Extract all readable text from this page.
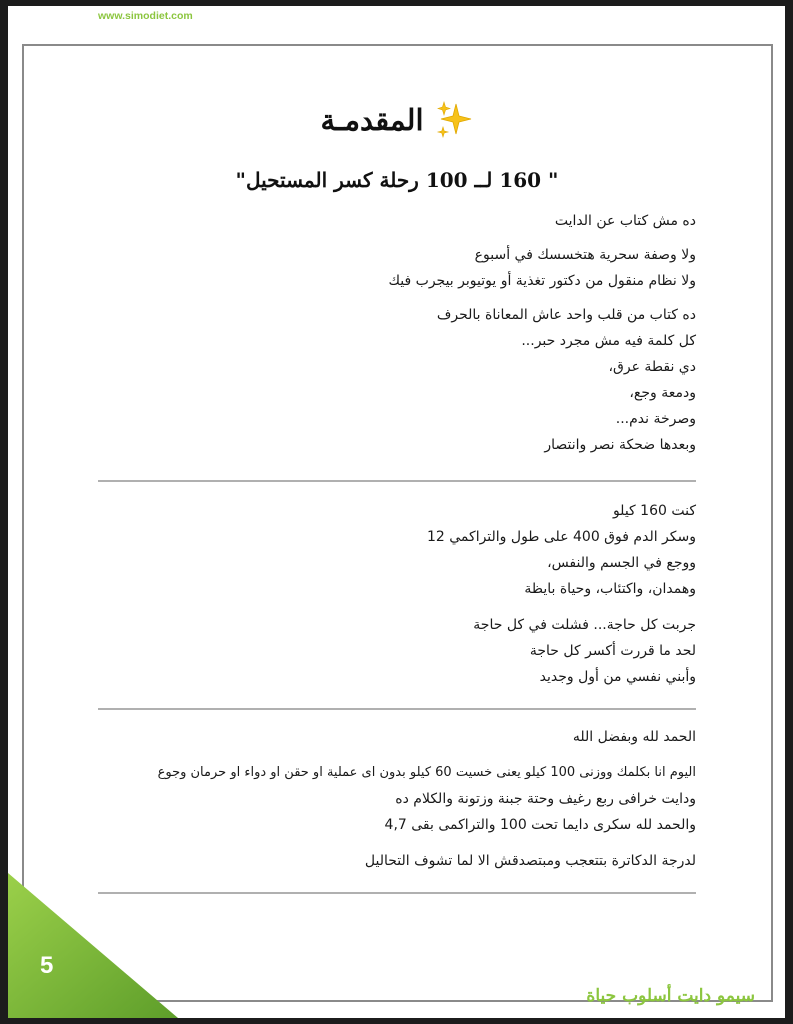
www.simodiet.com
المقدمـة
" 160 لــ 100 رحلة كسر المستحيل"
ده مش كتاب عن الدايت
ولا وصفة سحرية هتخسسك في أسبوع
ولا نظام منقول من دكتور تغذية أو يوتيوبر بيجرب فيك
ده كتاب من قلب واحد عاش المعاناة بالحرف
كل كلمة فيه مش مجرد حبر...
دي نقطة عرق،
ودمعة وجع،
وصرخة ندم...
وبعدها ضحكة نصر وانتصار
كنت 160 كيلو
وسكر الدم فوق 400 على طول والتراكمي 12
ووجع في الجسم والنفس،
وهمدان، واكتئاب، وحياة بايظة
جربت كل حاجة... فشلت في كل حاجة
لحد ما قررت أكسر كل حاجة
وأبني نفسي من أول وجديد
الحمد لله وبفضل الله
اليوم انا بكلمك ووزنى 100 كيلو يعنى خسيت 60 كيلو بدون اى عملية او حقن او دواء او حرمان وجوع
ودايت خرافى ربع رغيف وحتة جبنة وزتونة والكلام ده
والحمد لله سكرى دايما تحت 100 والتراكمى بقى 4,7
لدرجة الدكاترة بتتعجب ومبتصدقش الا لما تشوف التحاليل
5
سيمو دايت أسلوب حياة
